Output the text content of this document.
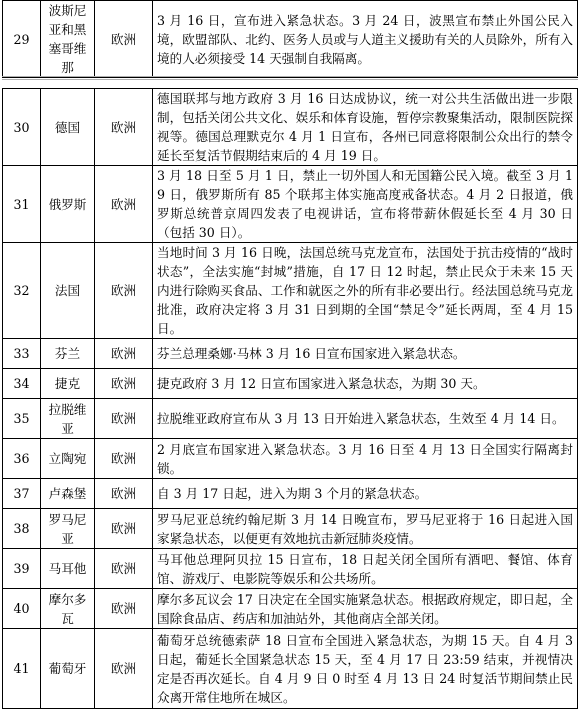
29	波斯尼亚和黑塞哥维那	欧洲	3 月 16 日，宣布进入紧急状态。3 月 24 日，波黑宣布禁止外国公民入境，欧盟部队、北约、医务人员或与人道主义援助有关的人员除外，所有入境的人必须接受 14 天强制自我隔离。
30	德国	欧洲	德国联邦与地方政府 3 月 16 日达成协议，统一对公共生活做出进一步限制，包括关闭公共文化、娱乐和体育设施，暂停宗教聚集活动，限制医院探视等。德国总理默克尔 4 月 1 日宣布，各州已同意将限制公众出行的禁令延长至复活节假期结束后的 4 月 19 日。
31	俄罗斯	欧洲	3 月 18 日至 5 月 1 日，禁止一切外国人和无国籍公民入境。截至 3 月 19 日，俄罗斯所有 85 个联邦主体实施高度戒备状态。4 月 2 日报道，俄罗斯总统普京周四发表了电视讲话，宣布将带薪休假延长至 4 月 30 日（包括 30 日）。
32	法国	欧洲	当地时间 3 月 16 日晚，法国总统马克龙宣布，法国处于抗击疫情的“战时状态”，全法实施“封城”措施，自 17 日 12 时起，禁止民众于未来 15 天内进行除购买食品、工作和就医之外的所有非必要出行。经法国总统马克龙批准，政府决定将 3 月 31 日到期的全国“禁足令”延长两周，至 4 月 15 日。
33	芬兰	欧洲	芬兰总理桑娜·马林 3 月 16 日宣布国家进入紧急状态。
34	捷克	欧洲	捷克政府 3 月 12 日宣布国家进入紧急状态，为期 30 天。
35	拉脱维亚	欧洲	拉脱维亚政府宣布从 3 月 13 日开始进入紧急状态，生效至 4 月 14 日。
36	立陶宛	欧洲	2 月底宣布国家进入紧急状态。3 月 16 日至 4 月 13 日全国实行隔离封锁。
37	卢森堡	欧洲	自 3 月 17 日起，进入为期 3 个月的紧急状态。
38	罗马尼亚	欧洲	罗马尼亚总统约翰尼斯 3 月 14 日晚宣布，罗马尼亚将于 16 日起进入国家紧急状态，以便更有效地抗击新冠肺炎疫情。
39	马耳他	欧洲	马耳他总理阿贝拉 15 日宣布，18 日起关闭全国所有酒吧、餐馆、体育馆、游戏厅、电影院等娱乐和公共场所。
40	摩尔多瓦	欧洲	摩尔多瓦议会 17 日决定在全国实施紧急状态。根据政府规定，即日起，全国除食品店、药店和加油站外，其他商店全部关闭。
41	葡萄牙	欧洲	葡萄牙总统德索萨 18 日宣布全国进入紧急状态，为期 15 天。自 4 月 3 日起，葡延长全国紧急状态 15 天，至 4 月 17 日 23:59 结束，并视情决定是否再次延长。自 4 月 9 日 0 时至 4 月 13 日 24 时复活节期间禁止民众离开常住地所在城区。
